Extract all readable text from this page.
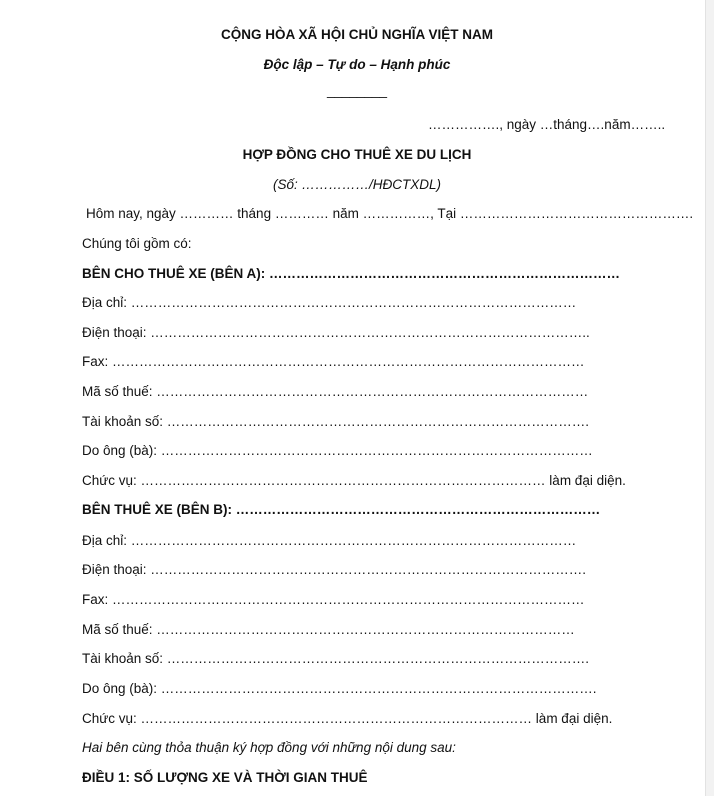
CỘNG HÒA XÃ HỘI CHỦ NGHĨA VIỆT NAM
Độc lập – Tự do – Hạnh phúc
________
……………., ngày …tháng….năm……..
HỢP ĐỒNG CHO THUÊ XE DU LỊCH
(Số: ……………/HĐCTXDL)
Hôm nay, ngày ………… tháng ………… năm ……………, Tại …………………………………………….
Chúng tôi gồm có:
BÊN CHO THUÊ XE (BÊN A): ……………………………………………………………………
Địa chỉ: ………………………………………………………………………………………
Điện thoại: ……………………………………………………………………………………..
Fax: ……………………………………………………………………………………………
Mã số thuế: ……………………………………………………………………………………
Tài khoản số: ………………………………………………………………………………….
Do ông (bà): ……………………………………………………………………………………
Chức vụ: ……………………………………………………………………………… làm đại diện.
BÊN THUÊ XE (BÊN B): ………………………………………………………………………
Địa chỉ: ………………………………………………………………………………………
Điện thoại: …………………………………………………………………………………….
Fax: ……………………………………………………………………………………………
Mã số thuế: …………………………………………………………………………………
Tài khoản số: ………………………………………………………………………………….
Do ông (bà): …………………………………………………………………………………….
Chức vụ: …………………………………………………………………………… làm đại diện.
Hai bên cùng thỏa thuận ký hợp đồng với những nội dung sau:
ĐIỀU 1: SỐ LƯỢNG XE VÀ THỜI GIAN THUÊ
